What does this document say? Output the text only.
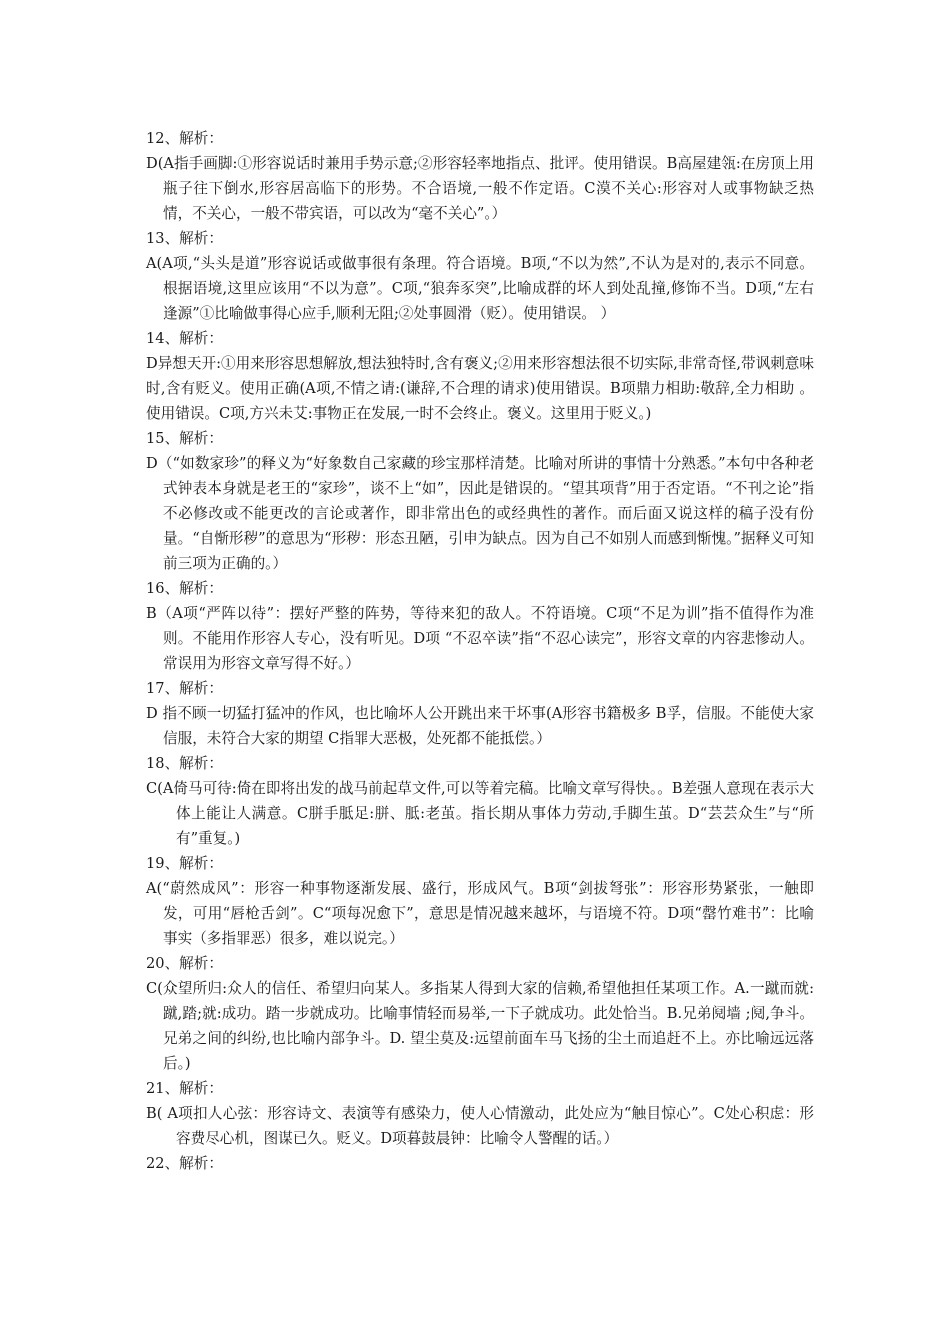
12、解析：
D(A指手画脚:①形容说话时兼用手势示意;②形容轻率地指点、批评。使用错误。B高屋建瓴:在房顶上用瓶子往下倒水,形容居高临下的形势。不合语境,一般不作定语。C漠不关心:形容对人或事物缺乏热情，不关心，一般不带宾语，可以改为“毫不关心”。）
13、解析：
A(A项,“头头是道”形容说话或做事很有条理。符合语境。B项,“不以为然”,不认为是对的,表示不同意。根据语境,这里应该用“不以为意”。C项,“狼奔豕突”,比喻成群的坏人到处乱撞,修饰不当。D项,“左右逢源”①比喻做事得心应手,顺利无阻;②处事圆滑（贬）。使用错误。 ）
14、解析：
D异想天开:①用来形容思想解放,想法独特时,含有褒义;②用来形容想法很不切实际,非常奇怪,带讽刺意味时,含有贬义。使用正确(A项,不情之请:(谦辞,不合理的请求)使用错误。B项鼎力相助:敬辞,全力相助 。使用错误。C项,方兴未艾:事物正在发展,一时不会终止。褒义。这里用于贬义。)
15、解析：
D（“如数家珍”的释义为“好象数自己家藏的珍宝那样清楚。比喻对所讲的事情十分熟悉。”本句中各种老式钟表本身就是老王的“家珍”，谈不上“如”，因此是错误的。“望其项背”用于否定语。“不刊之论”指不必修改或不能更改的言论或著作，即非常出色的或经典性的著作。而后面又说这样的稿子没有份量。“自惭形秽”的意思为“形秽：形态丑陋，引申为缺点。因为自己不如别人而感到惭愧。”据释义可知前三项为正确的。）
16、解析：
B（A项“严阵以待”：摆好严整的阵势，等待来犯的敌人。不符语境。C项“不足为训”指不值得作为准则。不能用作形容人专心，没有听见。D项 “不忍卒读”指“不忍心读完”，形容文章的内容悲惨动人。常误用为形容文章写得不好。）
17、解析：
D 指不顾一切猛打猛冲的作风，也比喻坏人公开跳出来干坏事(A形容书籍极多 B孚，信服。不能使大家信服，未符合大家的期望 C指罪大恶极，处死都不能抵偿。）
18、解析：
C(A倚马可待:倚在即将出发的战马前起草文件,可以等着完稿。比喻文章写得快。。B差强人意现在表示大体上能让人满意。C胼手胝足:胼、胝:老茧。指长期从事体力劳动,手脚生茧。D“芸芸众生”与“所有”重复。)
19、解析：
A(“蔚然成风”：形容一种事物逐渐发展、盛行，形成风气。B项“剑拔弩张”：形容形势紧张，一触即发，可用“唇枪舌剑”。C“项每况愈下”，意思是情况越来越坏，与语境不符。D项“罄竹难书”：比喻事实（多指罪恶）很多，难以说完。）
20、解析：
C(众望所归:众人的信任、希望归向某人。多指某人得到大家的信赖,希望他担任某项工作。A.一蹴而就:蹴,踏;就:成功。踏一步就成功。比喻事情轻而易举,一下子就成功。此处恰当。B.兄弟阋墙 ;阋,争斗。兄弟之间的纠纷,也比喻内部争斗。D. 望尘莫及:远望前面车马飞扬的尘土而追赶不上。亦比喻远远落后。)
21、解析：
B( A项扣人心弦：形容诗文、表演等有感染力，使人心情激动，此处应为“触目惊心”。C处心积虑：形容费尽心机，图谋已久。贬义。D项暮鼓晨钟：比喻令人警醒的话。）
22、解析：
